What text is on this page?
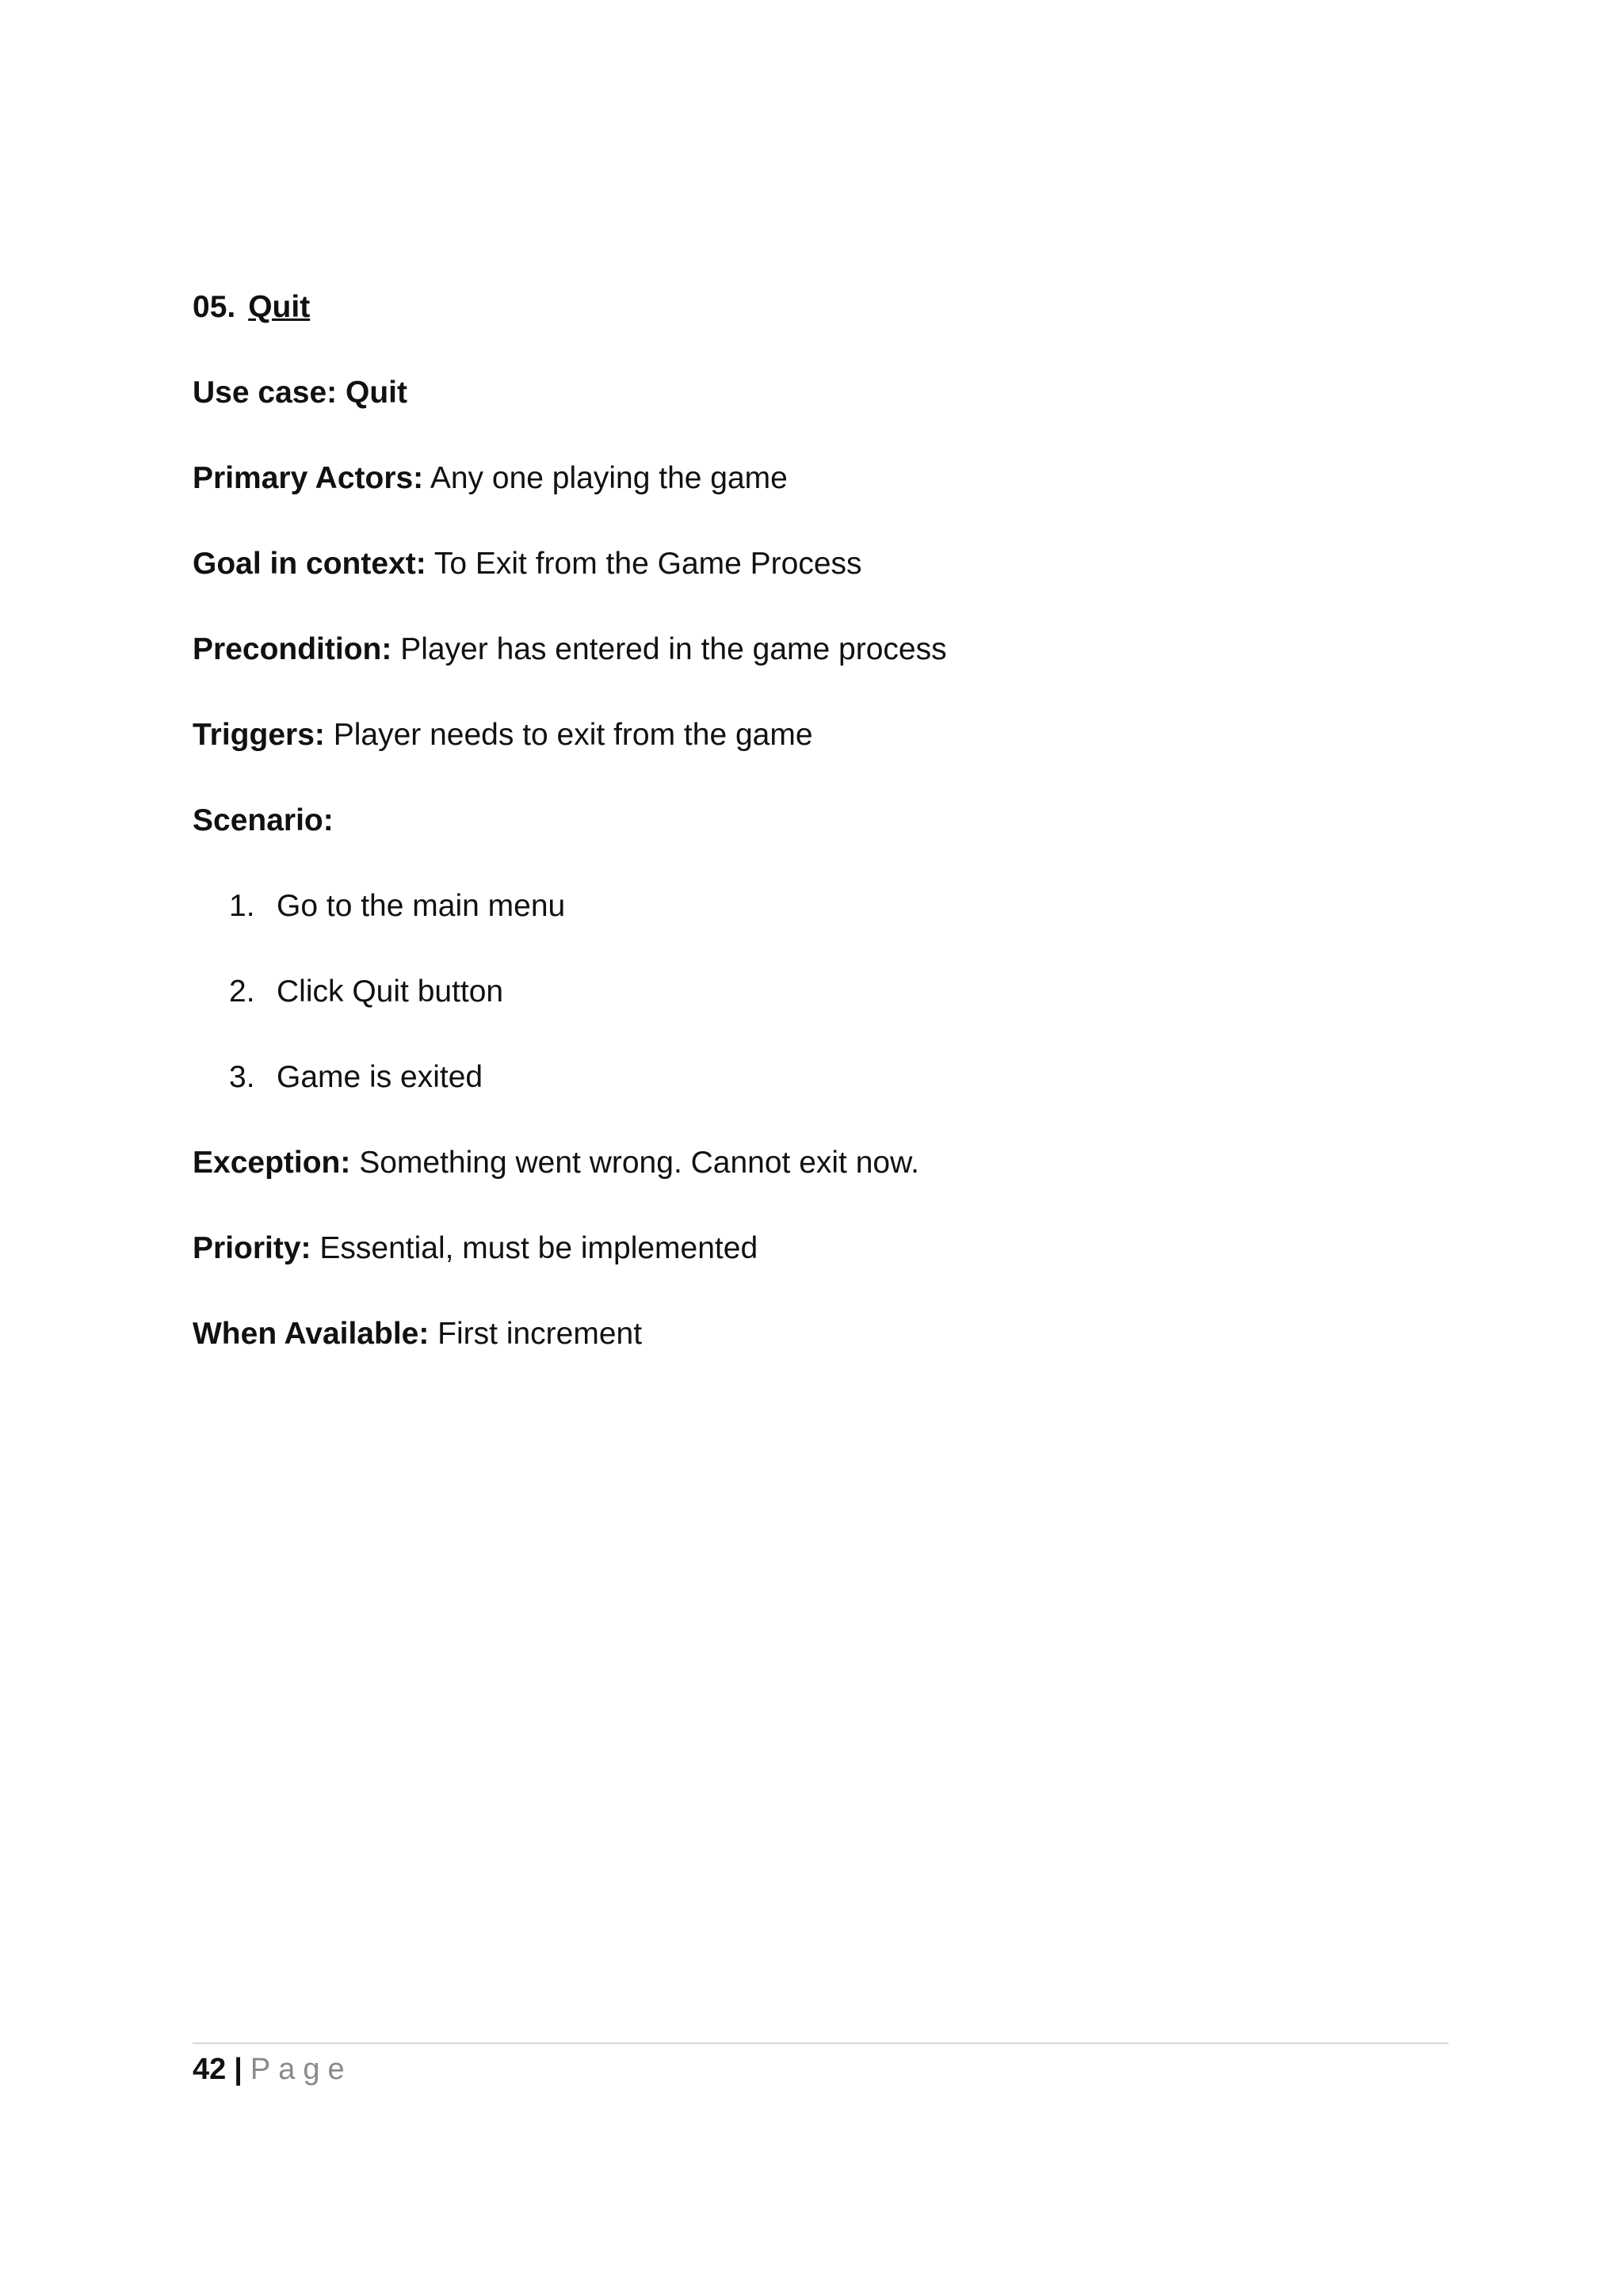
05. Quit
Use case: Quit
Primary Actors: Any one playing the game
Goal in context: To Exit from the Game Process
Precondition: Player has entered in the game process
Triggers: Player needs to exit from the game
Scenario:
1. Go to the main menu
2. Click Quit button
3. Game is exited
Exception: Something went wrong. Cannot exit now.
Priority: Essential, must be implemented
When Available: First increment
42 | Page
